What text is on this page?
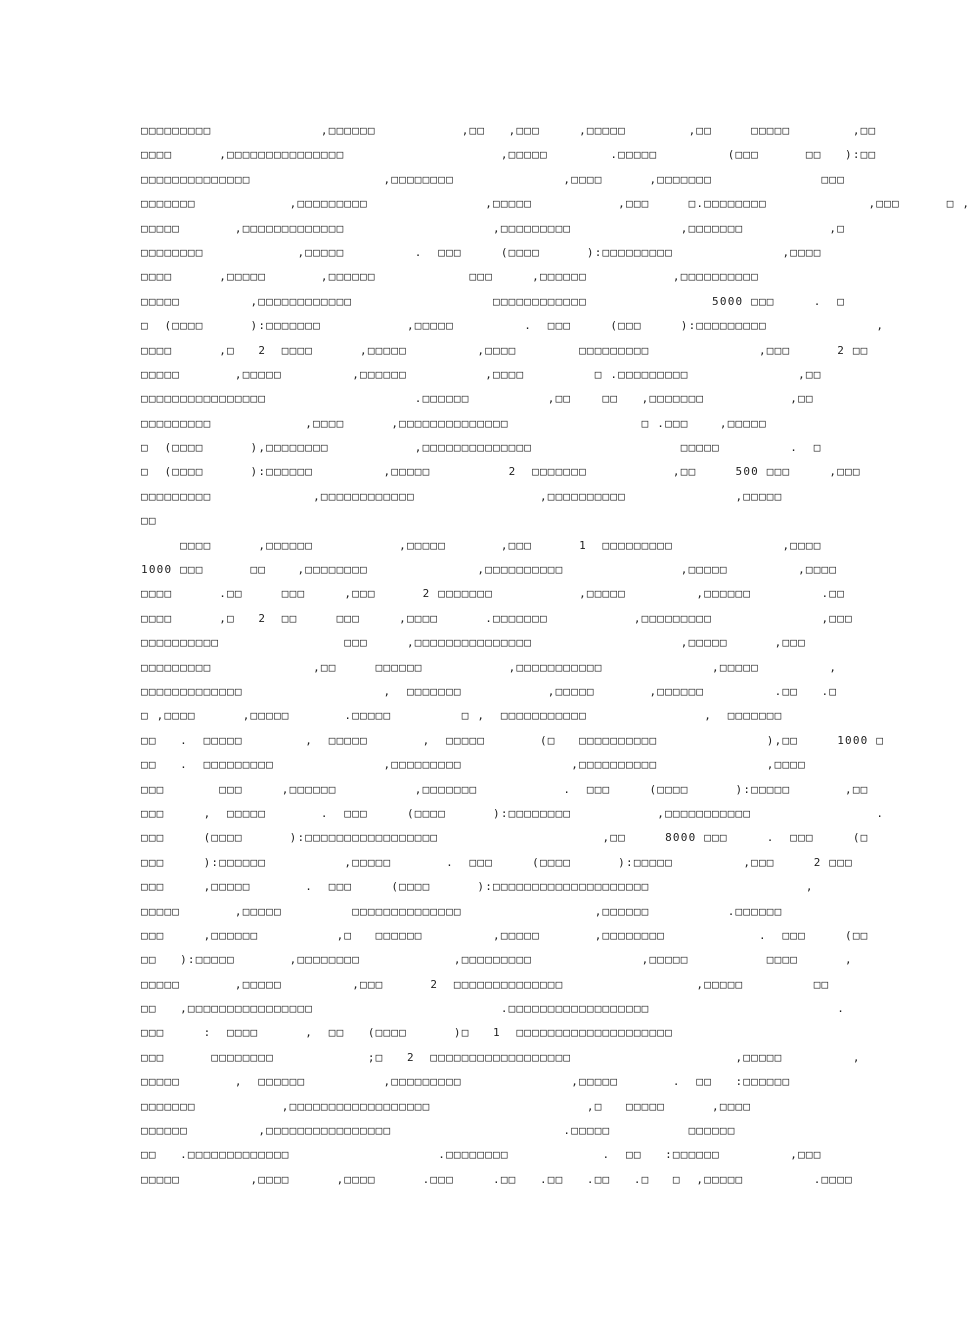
□□□□□□□□□              ,□□□□□□           ,□□   ,□□□     ,□□□□□        ,□□     □□□□□        ,□□
□□□□      ,□□□□□□□□□□□□□□□                    ,□□□□□        .□□□□□         (□□□      □□   ):□□
□□□□□□□□□□□□□□                 ,□□□□□□□□              ,□□□□      ,□□□□□□□              □□□
□□□□□□□            ,□□□□□□□□□               ,□□□□□           ,□□□     □.□□□□□□□□             ,□□□      □ ,
□□□□□       ,□□□□□□□□□□□□□                   ,□□□□□□□□□              ,□□□□□□□           ,□
□□□□□□□□            ,□□□□□         .  □□□     (□□□□      ):□□□□□□□□□              ,□□□□
□□□□      ,□□□□□       ,□□□□□□            □□□     ,□□□□□□           ,□□□□□□□□□□
□□□□□         ,□□□□□□□□□□□□                  □□□□□□□□□□□□                5000 □□□     .  □
□  (□□□□      ):□□□□□□□           ,□□□□□         .  □□□     (□□□     ):□□□□□□□□□              ,
□□□□      ,□   2  □□□□      ,□□□□□         ,□□□□        □□□□□□□□□              ,□□□      2 □□
□□□□□       ,□□□□□         ,□□□□□□          ,□□□□         □ .□□□□□□□□□              ,□□
□□□□□□□□□□□□□□□□                   .□□□□□□          ,□□    □□   ,□□□□□□□           ,□□
□□□□□□□□□            ,□□□□      ,□□□□□□□□□□□□□□                 □ .□□□    ,□□□□□
□  (□□□□      ),□□□□□□□□           ,□□□□□□□□□□□□□□                   □□□□□         .  □
□  (□□□□      ):□□□□□□         ,□□□□□          2  □□□□□□□           ,□□     500 □□□     ,□□□
□□□□□□□□□             ,□□□□□□□□□□□□                ,□□□□□□□□□□              ,□□□□□
□□
□□□□      ,□□□□□□           ,□□□□□       ,□□□      1  □□□□□□□□□              ,□□□□
1000 □□□      □□    ,□□□□□□□□              ,□□□□□□□□□□               ,□□□□□         ,□□□□
□□□□      .□□     □□□     ,□□□      2 □□□□□□□           ,□□□□□         ,□□□□□□         .□□
□□□□      ,□   2  □□     □□□     ,□□□□      .□□□□□□□           ,□□□□□□□□□              ,□□□
□□□□□□□□□□                □□□     ,□□□□□□□□□□□□□□□                   ,□□□□□      ,□□□
□□□□□□□□□             ,□□     □□□□□□           ,□□□□□□□□□□□              ,□□□□□         ,
□□□□□□□□□□□□□                  ,  □□□□□□□           ,□□□□□       ,□□□□□□         .□□   .□
□ ,□□□□      ,□□□□□       .□□□□□         □ ,  □□□□□□□□□□□               ,  □□□□□□□
□□   .  □□□□□        ,  □□□□□       ,  □□□□□       (□   □□□□□□□□□□              ),□□     1000 □
□□   .  □□□□□□□□□              ,□□□□□□□□□              ,□□□□□□□□□□              ,□□□□
□□□       □□□     ,□□□□□□          ,□□□□□□□           .  □□□     (□□□□      ):□□□□□       ,□□
□□□     ,  □□□□□       .  □□□     (□□□□      ):□□□□□□□□           ,□□□□□□□□□□□                .
□□□     (□□□□      ):□□□□□□□□□□□□□□□□□                     ,□□     8000 □□□     .  □□□     (□
□□□     ):□□□□□□          ,□□□□□       .  □□□     (□□□□      ):□□□□□         ,□□□     2 □□□
□□□     ,□□□□□       .  □□□     (□□□□      ):□□□□□□□□□□□□□□□□□□□□                    ,
□□□□□       ,□□□□□         □□□□□□□□□□□□□□                 ,□□□□□□          .□□□□□□
□□□     ,□□□□□□          ,□   □□□□□□         ,□□□□□       ,□□□□□□□□            .  □□□     (□□
□□   ):□□□□□       ,□□□□□□□□            ,□□□□□□□□□              ,□□□□□          □□□□      ,
□□□□□       ,□□□□□         ,□□□      2  □□□□□□□□□□□□□□                 ,□□□□□         □□
□□   ,□□□□□□□□□□□□□□□□                        .□□□□□□□□□□□□□□□□□□                        .
□□□     :  □□□□      ,  □□   (□□□□      )□   1  □□□□□□□□□□□□□□□□□□□□
□□□      □□□□□□□□            ;□   2  □□□□□□□□□□□□□□□□□□                     ,□□□□□         ,
□□□□□       ,  □□□□□□          ,□□□□□□□□□              ,□□□□□       .  □□   :□□□□□□
□□□□□□□           ,□□□□□□□□□□□□□□□□□□                    ,□   □□□□□      ,□□□□
□□□□□□         ,□□□□□□□□□□□□□□□□                      .□□□□□          □□□□□□
□□   .□□□□□□□□□□□□□                   .□□□□□□□□            .  □□   :□□□□□□         ,□□□
□□□□□         ,□□□□      ,□□□□      .□□□     .□□   .□□   .□□   .□   □  ,□□□□□         .□□□□
